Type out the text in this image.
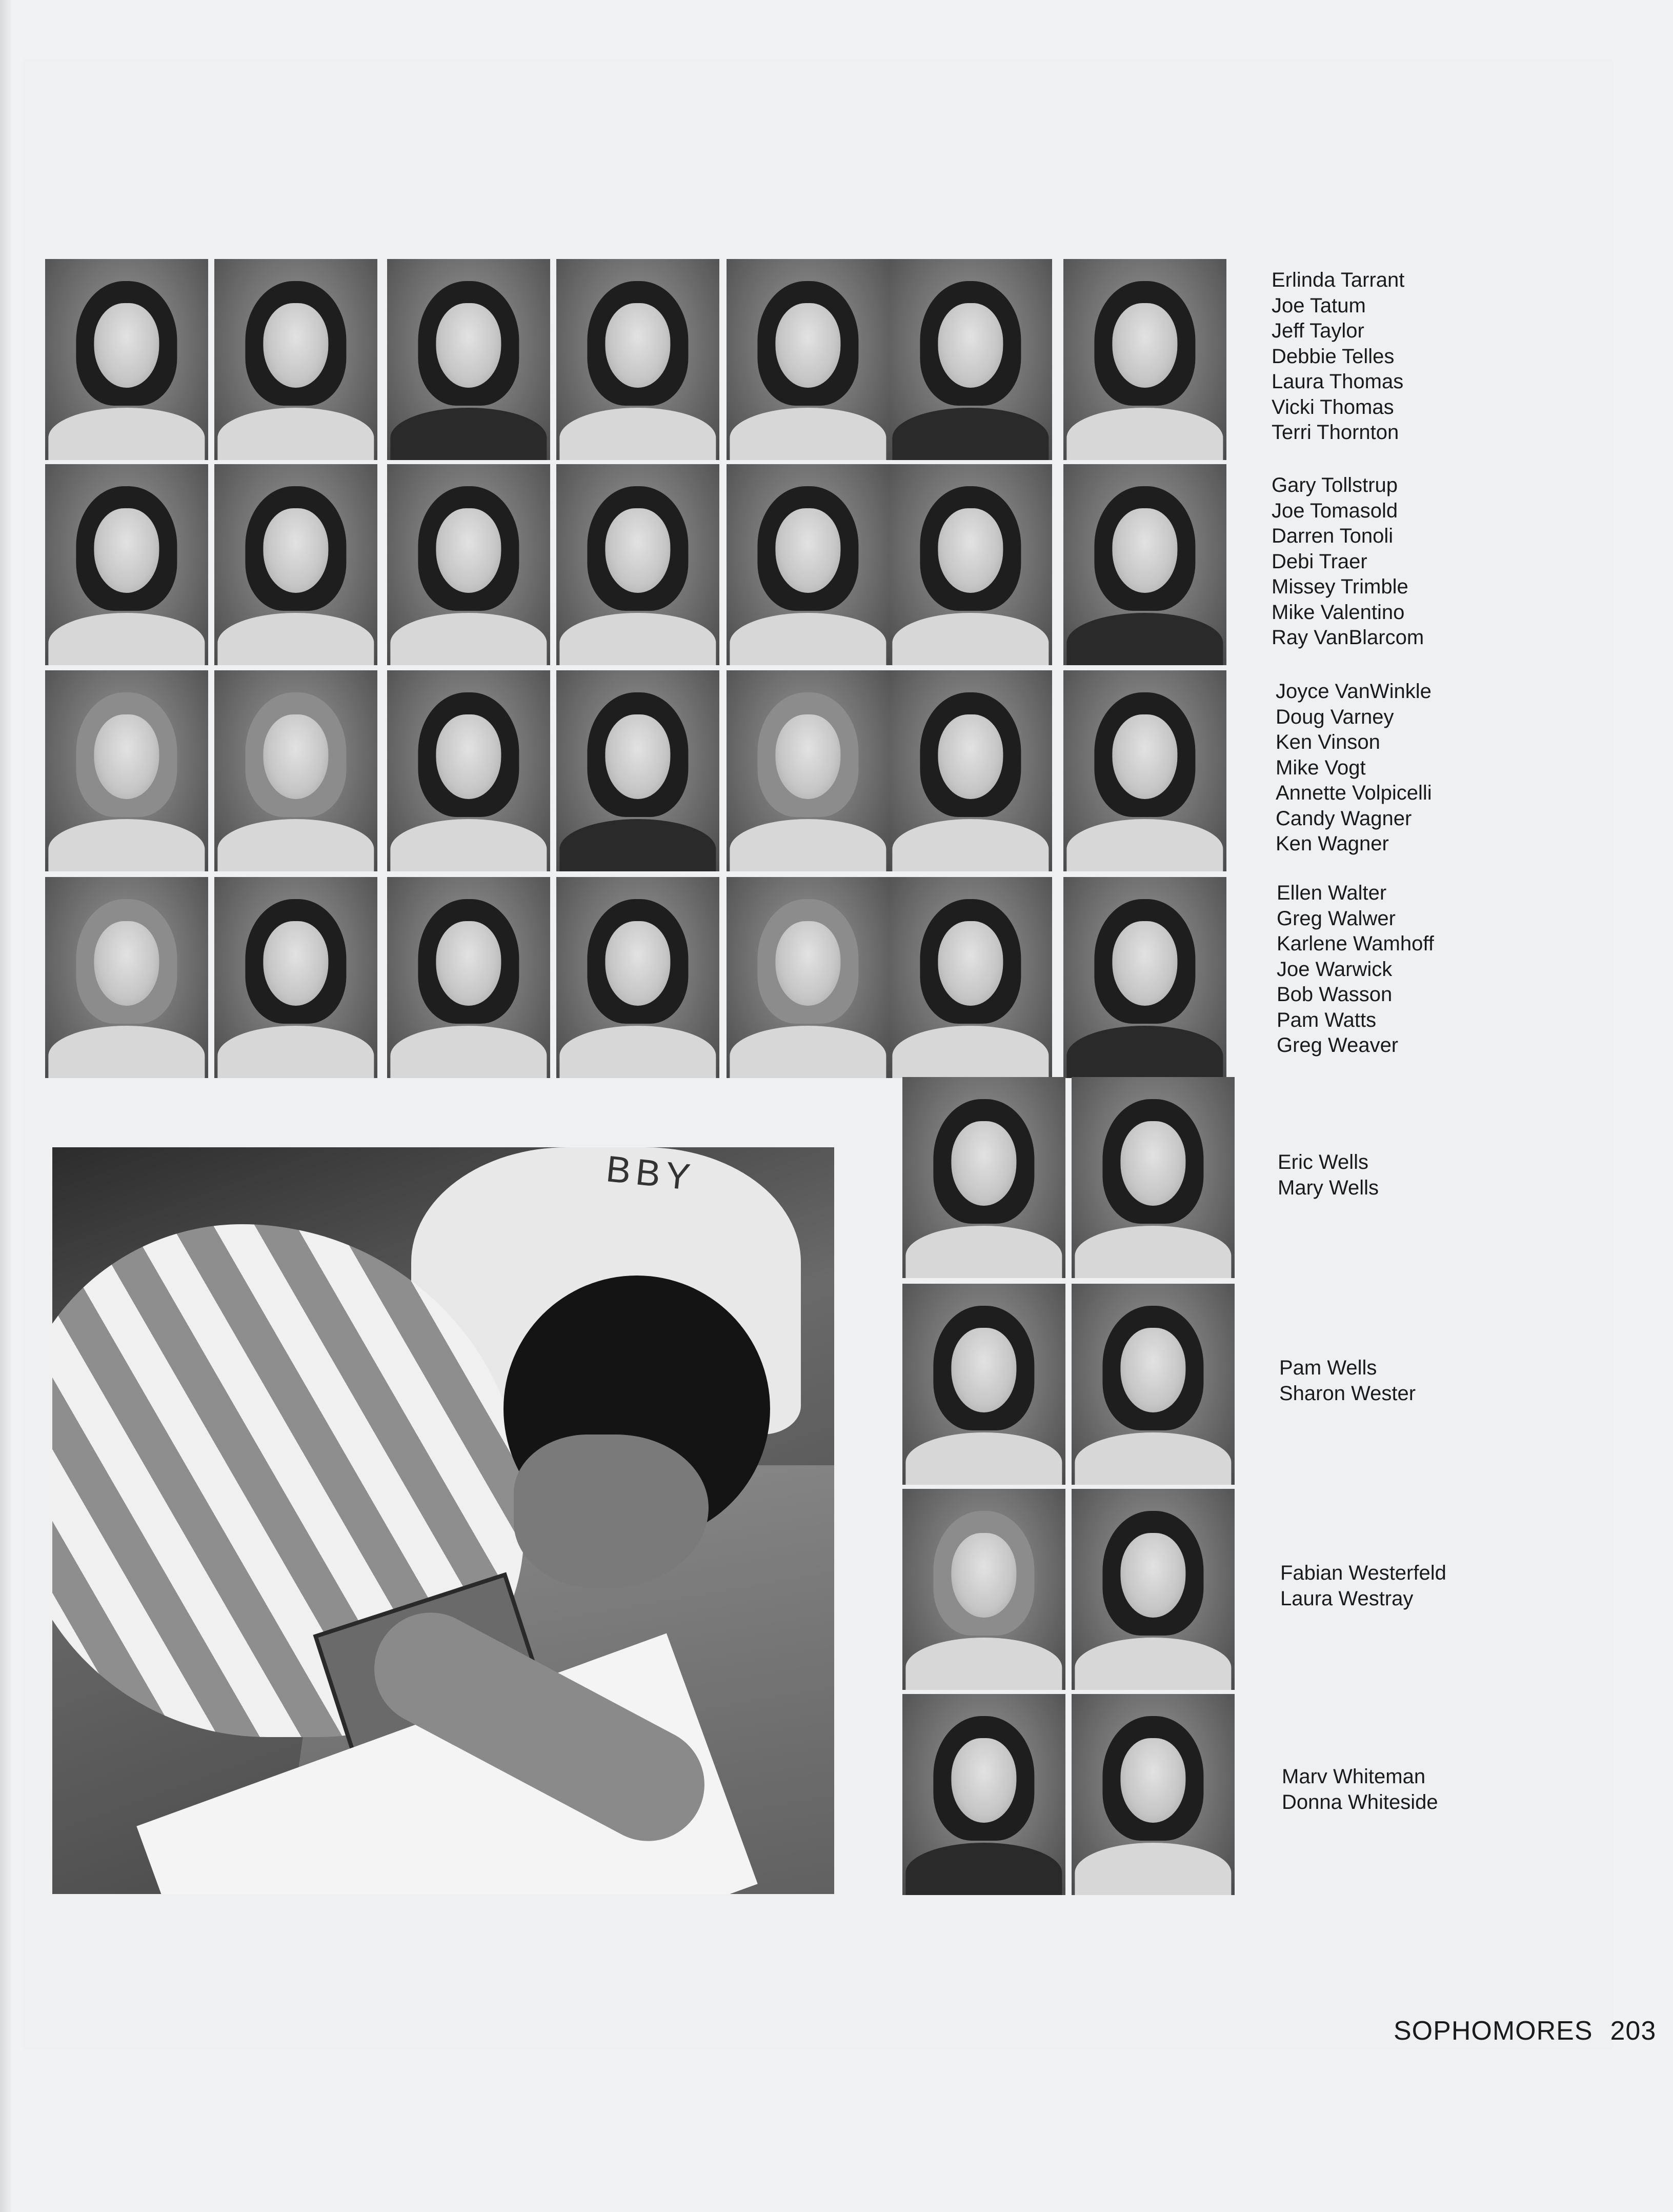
BBY
Erlinda Tarrant
Joe Tatum
Jeff Taylor
Debbie Telles
Laura Thomas
Vicki Thomas
Terri Thornton
Gary Tollstrup
Joe Tomasold
Darren Tonoli
Debi Traer
Missey Trimble
Mike Valentino
Ray VanBlarcom
Joyce VanWinkle
Doug Varney
Ken Vinson
Mike Vogt
Annette Volpicelli
Candy Wagner
Ken Wagner
Ellen Walter
Greg Walwer
Karlene Wamhoff
Joe Warwick
Bob Wasson
Pam Watts
Greg Weaver
Eric Wells
Mary Wells
Pam Wells
Sharon Wester
Fabian Westerfeld
Laura Westray
Marv Whiteman
Donna Whiteside
SOPHOMORES 203
